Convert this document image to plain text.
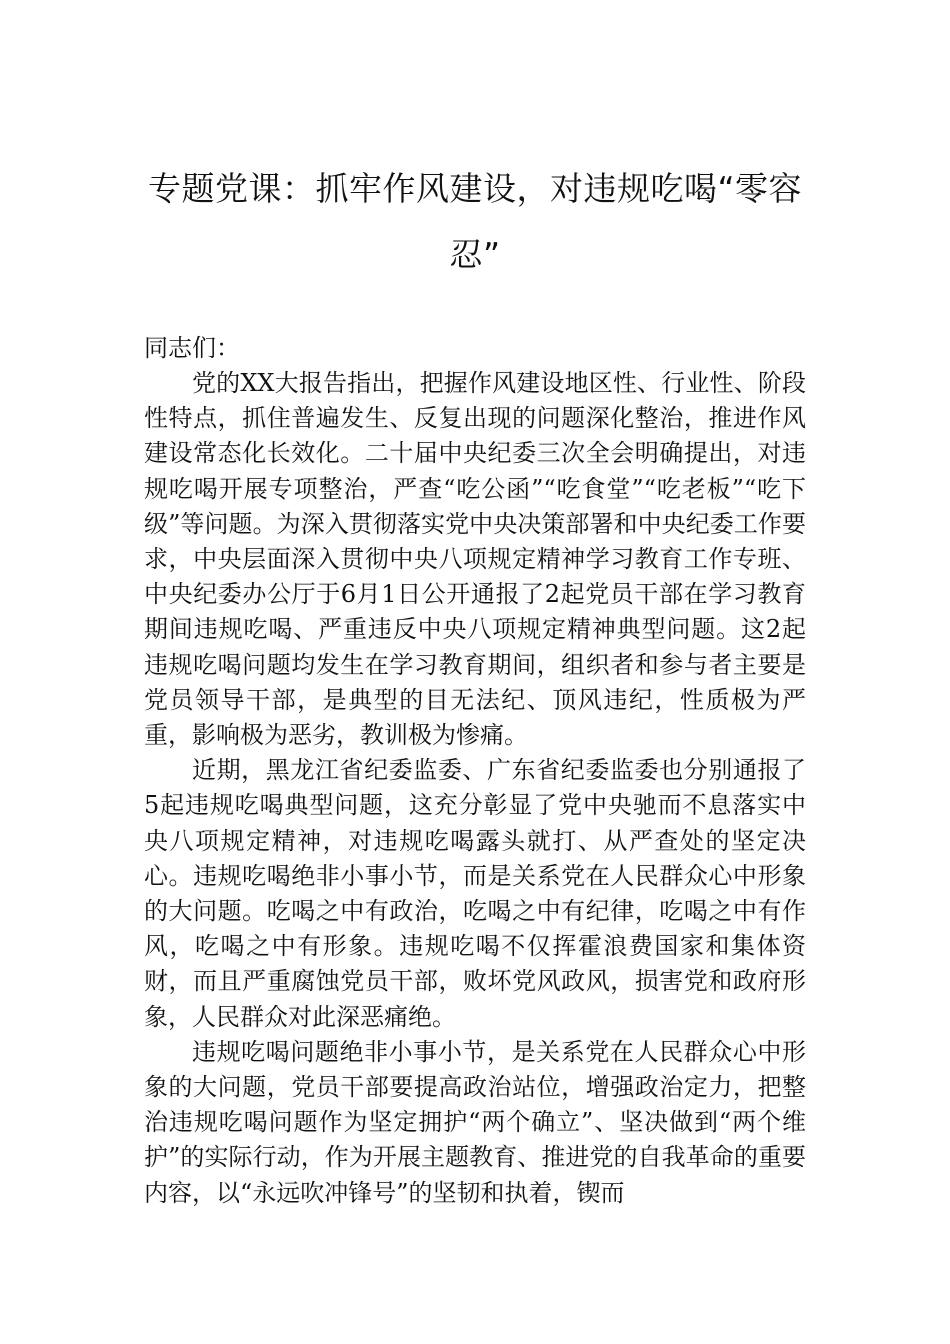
专题党课：抓牢作风建设，对违规吃喝“零容忍”

同志们：

党的XX大报告指出，把握作风建设地区性、行业性、阶段性特点，抓住普遍发生、反复出现的问题深化整治，推进作风建设常态化长效化。二十届中央纪委三次全会明确提出，对违规吃喝开展专项整治，严查“吃公函”“吃食堂”“吃老板”“吃下级”等问题。为深入贯彻落实党中央决策部署和中央纪委工作要求，中央层面深入贯彻中央八项规定精神学习教育工作专班、中央纪委办公厅于6月1日公开通报了2起党员干部在学习教育期间违规吃喝、严重违反中央八项规定精神典型问题。这2起违规吃喝问题均发生在学习教育期间，组织者和参与者主要是党员领导干部，是典型的目无法纪、顶风违纪，性质极为严重，影响极为恶劣，教训极为惨痛。

近期，黑龙江省纪委监委、广东省纪委监委也分别通报了5起违规吃喝典型问题，这充分彰显了党中央驰而不息落实中央八项规定精神，对违规吃喝露头就打、从严查处的坚定决心。违规吃喝绝非小事小节，而是关系党在人民群众心中形象的大问题。吃喝之中有政治，吃喝之中有纪律，吃喝之中有作风，吃喝之中有形象。违规吃喝不仅挥霍浪费国家和集体资财，而且严重腐蚀党员干部，败坏党风政风，损害党和政府形象，人民群众对此深恶痛绝。

违规吃喝问题绝非小事小节，是关系党在人民群众心中形象的大问题，党员干部要提高政治站位，增强政治定力，把整治违规吃喝问题作为坚定拥护“两个确立”、坚决做到“两个维护”的实际行动，作为开展主题教育、推进党的自我革命的重要内容，以“永远吹冲锋号”的坚韧和执着，锲而
